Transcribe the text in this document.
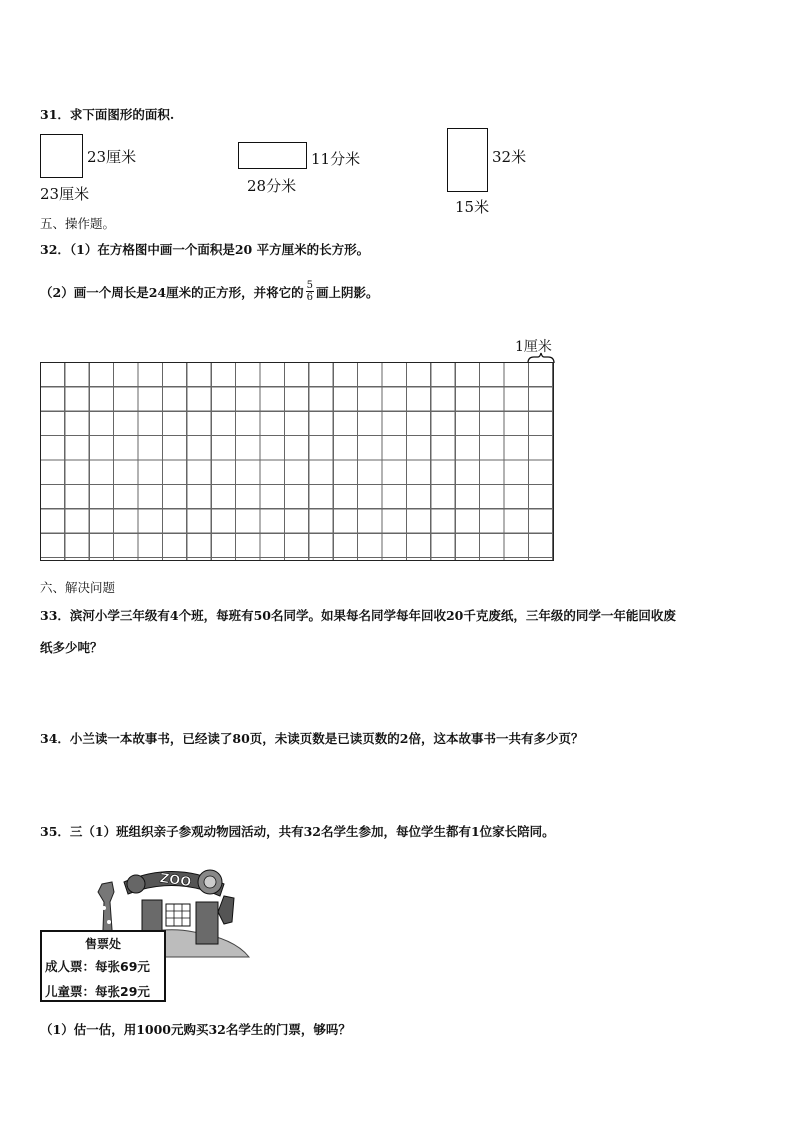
31．求下面图形的面积.
23厘米
23厘米
11分米
28分米
32米
15米
五、操作题。
32．（1）在方格图中画一个面积是20 平方厘米的长方形。
（2）画一个周长是24厘米的正方形，并将它的 $\frac{5}{6}$ 画上阴影。
1厘米
六、解决问题
33．滨河小学三年级有4个班，每班有50名同学。如果每名同学每年回收20千克废纸，三年级的同学一年能回收废
纸多少吨？
34．小兰读一本故事书，已经读了80页，未读页数是已读页数的2倍，这本故事书一共有多少页？
35．三（1）班组织亲子参观动物园活动，共有32名学生参加，每位学生都有1位家长陪同。
ZOO
售票处
成人票：每张69元
儿童票：每张29元
（1）估一估，用1000元购买32名学生的门票，够吗？
